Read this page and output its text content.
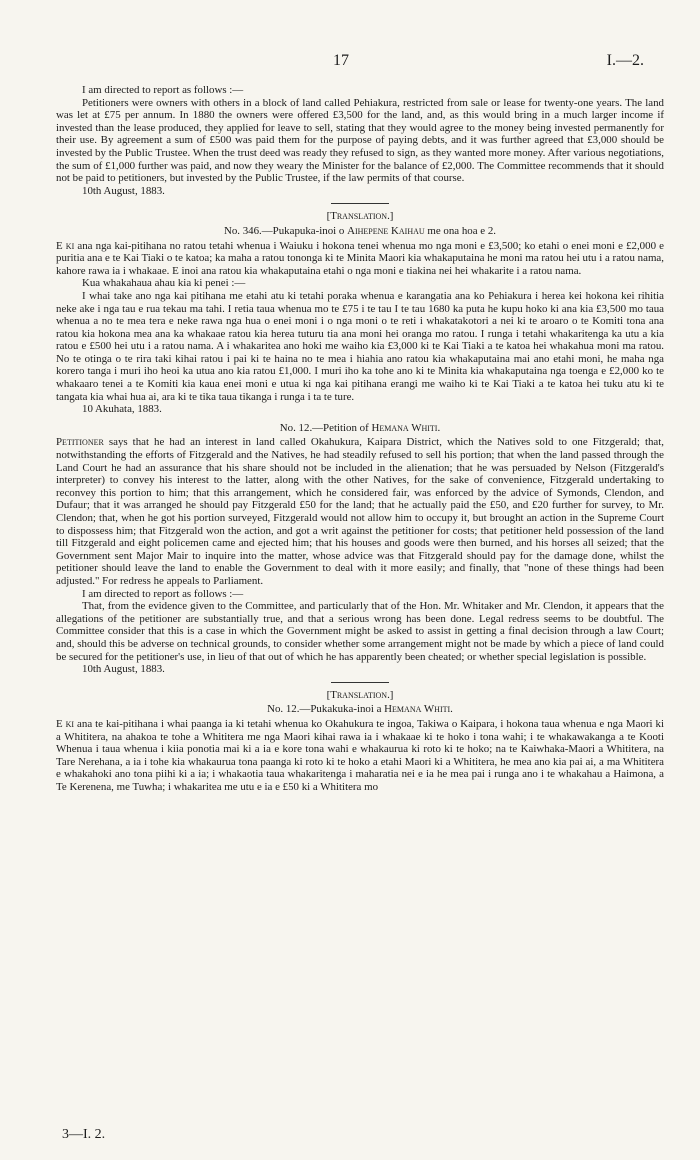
17	I.—2.

I am directed to report as follows :—

Petitioners were owners with others in a block of land called Pehiakura, restricted from sale or lease for twenty-one years. The land was let at £75 per annum. In 1880 the owners were offered £3,500 for the land, and, as this would bring in a much larger income if invested than the lease produced, they applied for leave to sell, stating that they would agree to the money being invested permanently for their use. By agreement a sum of £500 was paid them for the purpose of paying debts, and it was further agreed that £3,000 should be invested by the Public Trustee. When the trust deed was ready they refused to sign, as they wanted more money. After various negotiations, the sum of £1,000 further was paid, and now they weary the Minister for the balance of £2,000. The Committee recommends that it should not be paid to petitioners, but invested by the Public Trustee, if the law permits of that course.

10th August, 1883.

[Translation.]

No. 346.—Pukapuka-inoi o Aihepene Kaihau me ona hoa e 2.

E ki ana nga kai-pitihana no ratou tetahi whenua i Waiuku i hokona tenei whenua mo nga moni e £3,500; ko etahi o enei moni e £2,000 e puritia ana e te Kai Tiaki o te katoa; ka maha a ratou tononga ki te Minita Maori kia whakaputaina he moni ma ratou hei utu i a ratou nama, kahore rawa ia i whakaae. E inoi ana ratou kia whakaputaina etahi o nga moni e tiakina nei hei whakarite i a ratou nama.

Kua whakahaua ahau kia ki penei :—

I whai take ano nga kai pitihana me etahi atu ki tetahi poraka whenua e karangatia ana ko Pehiakura i herea kei hokona kei rihitia neke ake i nga tau e rua tekau ma tahi. I retia taua whenua mo te £75 i te tau I te tau 1680 ka puta he kupu hoko ki ana kia £3,500 mo taua whenua a no te mea tera e neke rawa nga hua o enei moni i o nga moni o te reti i whakatakotori a nei ki te aroaro o te Komiti tona ana ratou kia hokona mea ana ka whakaae ratou kia herea tuturu tia ana moni hei oranga mo ratou. I runga i tetahi whakaritenga ka utu a kia ratou e £500 hei utu i a ratou nama. A i whakaritea ano hoki me waiho kia £3,000 ki te Kai Tiaki a te katoa hei whakahua moni ma ratou. No te otinga o te rira taki kihai ratou i pai ki te haina no te mea i hiahia ano ratou kia whakaputaina mai ano etahi moni, he maha nga korero tanga i muri iho heoi ka utua ano kia ratou £1,000. I muri iho ka tohe ano ki te Minita kia whakaputaina nga toenga e £2,000 ko te whakaaro tenei a te Komiti kia kaua enei moni e utua ki nga kai pitihana erangi me waiho ki te Kai Tiaki a te katoa hei tuku atu ki te tangata kia whai hua ai, ara ki te tika taua tikanga i runga i ta te ture.

10 Akuhata, 1883.

No. 12.—Petition of Hemana Whiti.

Petitioner says that he had an interest in land called Okahukura, Kaipara District, which the Natives sold to one Fitzgerald; that, notwithstanding the efforts of Fitzgerald and the Natives, he had steadily refused to sell his portion; that when the land passed through the Land Court he had an assurance that his share should not be included in the alienation; that he was persuaded by Nelson (Fitzgerald's interpreter) to convey his interest to the latter, along with the other Natives, for the sake of convenience, Fitzgerald undertaking to reconvey this portion to him; that this arrangement, which he considered fair, was enforced by the advice of Symonds, Clendon, and Dufaur; that it was arranged he should pay Fitzgerald £50 for the land; that he actually paid the £50, and £20 further for survey, to Mr. Clendon; that, when he got his portion surveyed, Fitzgerald would not allow him to occupy it, but brought an action in the Supreme Court to dispossess him; that Fitzgerald won the action, and got a writ against the petitioner for costs; that petitioner held possession of the land till Fitzgerald and eight policemen came and ejected him; that his houses and goods were then burned, and his horses all seized; that the Government sent Major Mair to inquire into the matter, whose advice was that Fitzgerald should pay for the damage done, whilst the petitioner should leave the land to enable the Government to deal with it more easily; and finally, that "none of these things had been adjusted." For redress he appeals to Parliament.

I am directed to report as follows :—

That, from the evidence given to the Committee, and particularly that of the Hon. Mr. Whitaker and Mr. Clendon, it appears that the allegations of the petitioner are substantially true, and that a serious wrong has been done. Legal redress seems to be doubtful. The Committee consider that this is a case in which the Government might be asked to assist in getting a final decision through a law Court; and, should this be adverse on technical grounds, to consider whether some arrangement might not be made by which a piece of land could be secured for the petitioner's use, in lieu of that out of which he has apparently been cheated; or whether special legislation is possible.

10th August, 1883.

[Translation.]

No. 12.—Pukakuka-inoi a Hemana Whiti.

E ki ana te kai-pitihana i whai paanga ia ki tetahi whenua ko Okahukura te ingoa, Takiwa o Kaipara, i hokona taua whenua e nga Maori ki a Whititera, na ahakoa te tohe a Whititera me nga Maori kihai rawa ia i whakaae ki te hoko i tona wahi; i te whakawakanga a te Kooti Whenua i taua whenua i kiia ponotia mai ki a ia e kore tona wahi e whakaurua ki roto ki te hoko; na te Kaiwhaka-Maori a Whititera, na Tare Nerehana, a ia i tohe kia whakaurua tona paanga ki roto ki te hoko a etahi Maori ki a Whititera, he mea ano kia pai ai, a ma Whititera e whakahoki ano tona piihi ki a ia; i whakaotia taua whakaritenga i maharatia nei e ia he mea pai i runga ano i te whakahau a Haimona, a Te Kerenena, me Tuwha; i whakaritea me utu e ia e £50 ki a Whititera mo

3—I. 2.
